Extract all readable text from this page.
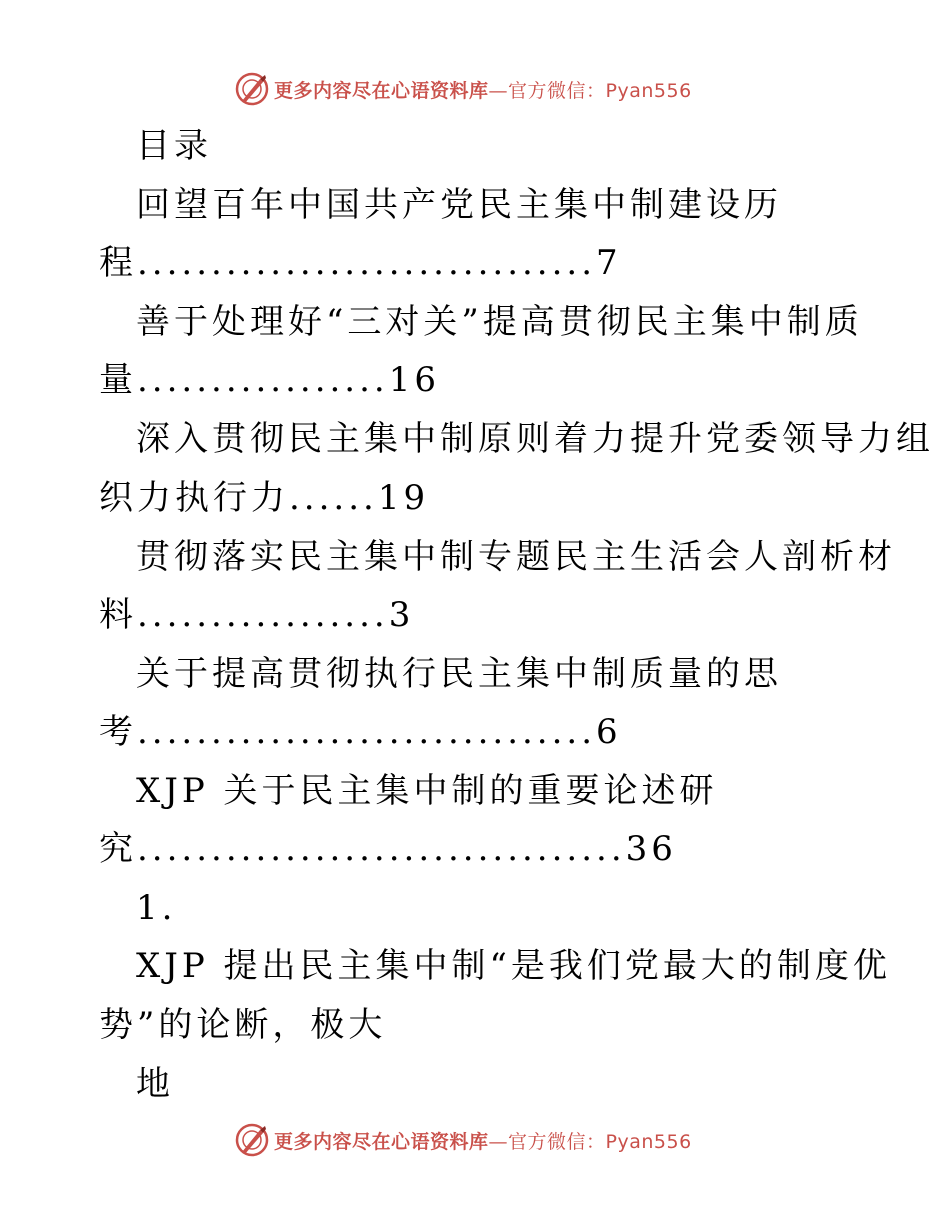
更多内容尽在心语资料库—官方微信：Pyan556
目录
回望百年中国共产党民主集中制建设历
程...............................7
善于处理好“三对关”提高贯彻民主集中制质
量.................16
深入贯彻民主集中制原则着力提升党委领导力组
织力执行力......19
贯彻落实民主集中制专题民主生活会人剖析材
料.................3
关于提高贯彻执行民主集中制质量的思
考...............................6
XJP 关于民主集中制的重要论述研
究.................................36
1.
XJP 提出民主集中制“是我们党最大的制度优
势”的论断，极大
地
更多内容尽在心语资料库—官方微信：Pyan556
